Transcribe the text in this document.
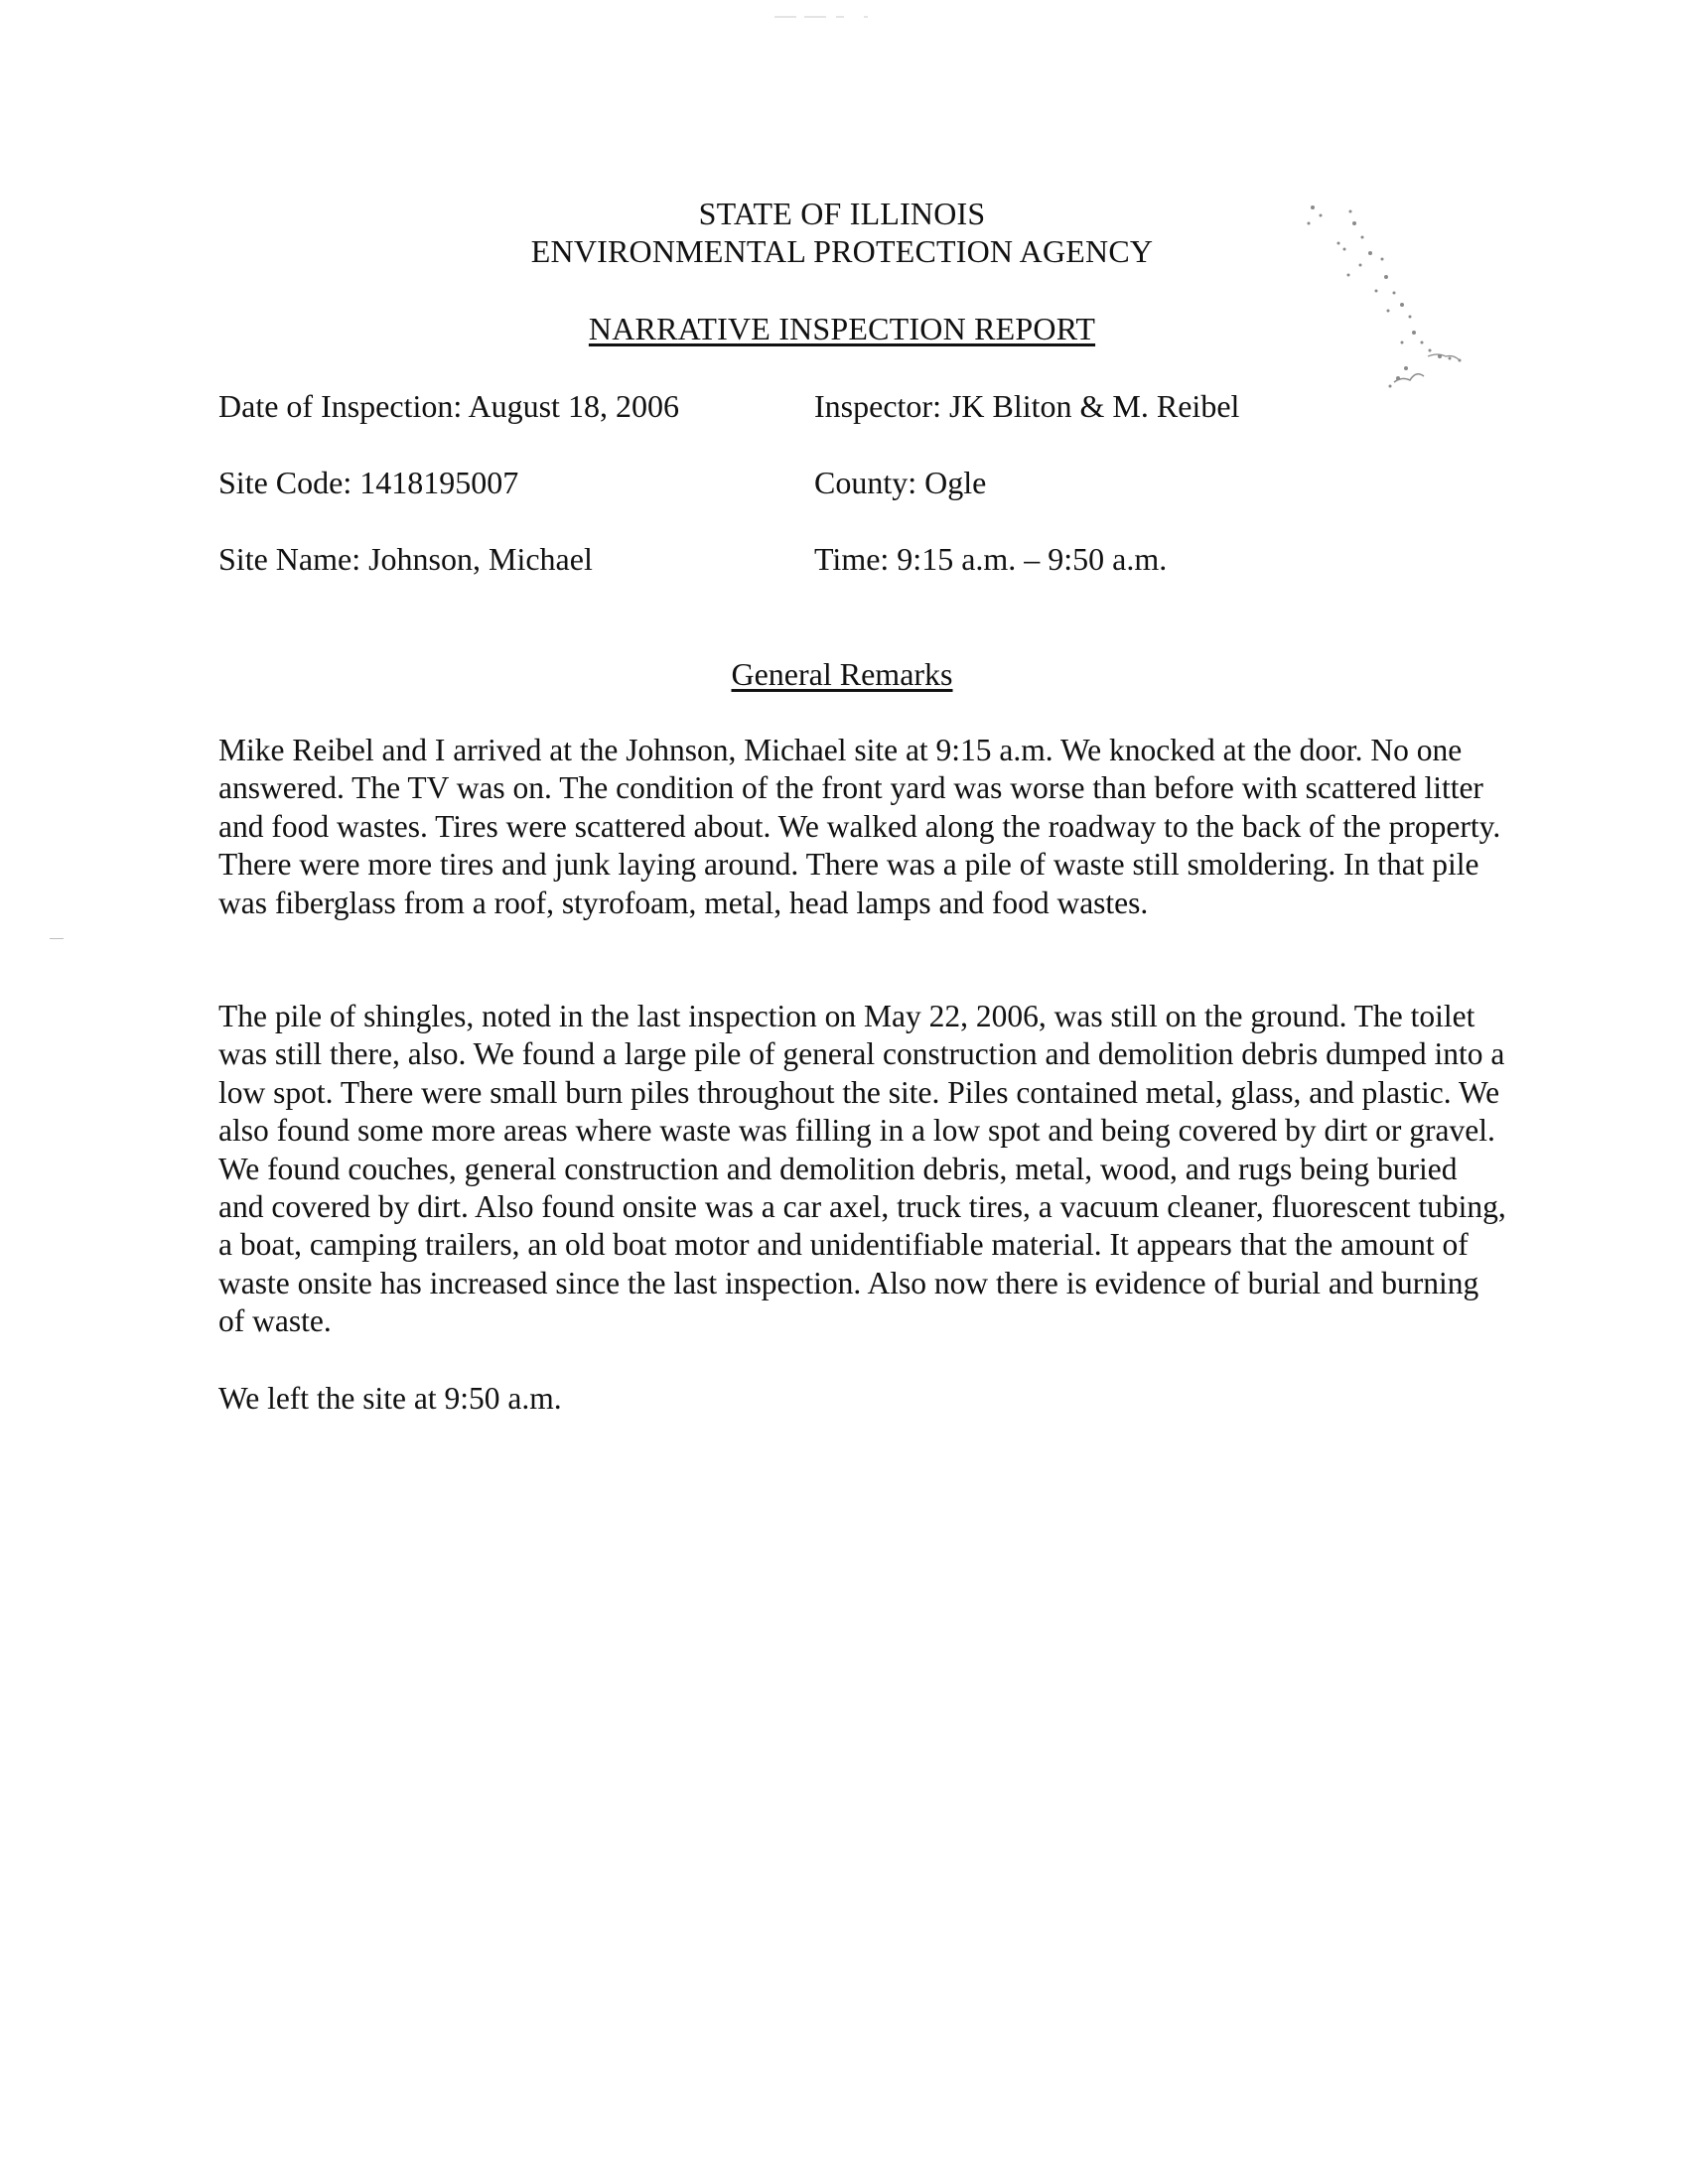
STATE OF ILLINOIS
ENVIRONMENTAL PROTECTION AGENCY
NARRATIVE INSPECTION REPORT
Date of Inspection: August 18, 2006	Inspector: JK Bliton & M. Reibel
Site Code: 1418195007	County: Ogle
Site Name: Johnson, Michael	Time: 9:15 a.m. – 9:50 a.m.
General Remarks
Mike Reibel and I arrived at the Johnson, Michael site at 9:15 a.m. We knocked at the door. No one answered. The TV was on. The condition of the front yard was worse than before with scattered litter and food wastes. Tires were scattered about. We walked along the roadway to the back of the property. There were more tires and junk laying around. There was a pile of waste still smoldering. In that pile was fiberglass from a roof, styrofoam, metal, head lamps and food wastes.
The pile of shingles, noted in the last inspection on May 22, 2006, was still on the ground. The toilet was still there, also. We found a large pile of general construction and demolition debris dumped into a low spot. There were small burn piles throughout the site. Piles contained metal, glass, and plastic. We also found some more areas where waste was filling in a low spot and being covered by dirt or gravel. We found couches, general construction and demolition debris, metal, wood, and rugs being buried and covered by dirt. Also found onsite was a car axel, truck tires, a vacuum cleaner, fluorescent tubing, a boat, camping trailers, an old boat motor and unidentifiable material. It appears that the amount of waste onsite has increased since the last inspection. Also now there is evidence of burial and burning of waste.
We left the site at 9:50 a.m.
